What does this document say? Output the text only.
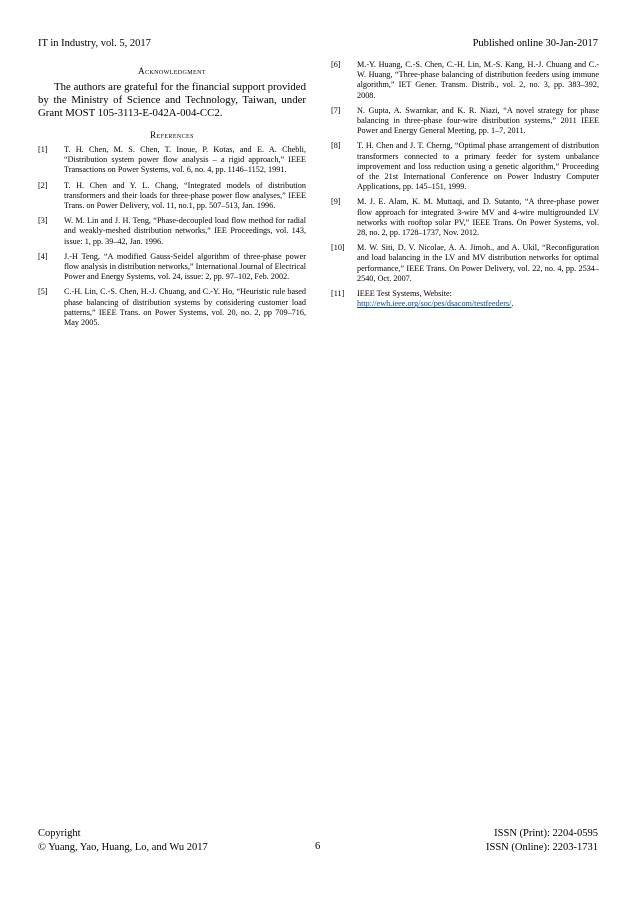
IT in Industry, vol. 5, 2017	Published online 30-Jan-2017
Acknowledgment

The authors are grateful for the financial support provided by the Ministry of Science and Technology, Taiwan, under Grant MOST 105-3113-E-042A-004-CC2.

References
[1] T. H. Chen, M. S. Chen, T. Inoue, P. Kotas, and E. A. Chebli, “Distribution system power flow analysis – a rigid approach,” IEEE Transactions on Power Systems, vol. 6, no. 4, pp. 1146–1152, 1991.
[2] T. H. Chen and Y. L. Chang, “Integrated models of distribution transformers and their loads for three-phase power flow analyses,” IEEE Trans. on Power Delivery, vol. 11, no.1, pp. 507–513, Jan. 1996.
[3] W. M. Lin and J. H. Teng, “Phase-decoupled load flow method for radial and weakly-meshed distribution networks,” IEE Proceedings, vol. 143, issue: 1, pp. 39–42, Jan. 1996.
[4] J.-H Teng, “A modified Gauss-Seidel algorithm of three-phase power flow analysis in distribution networks,” International Journal of Electrical Power and Energy Systems, vol. 24, issue: 2, pp. 97–102, Feb. 2002.
[5] C.-H. Lin, C.-S. Chen, H.-J. Chuang, and C.-Y. Ho, “Heuristic rule based phase balancing of distribution systems by considering customer load patterns,” IEEE Trans. on Power Systems, vol. 20, no. 2, pp 709–716, May 2005.
[6] M.-Y. Huang, C.-S. Chen, C.-H. Lin, M.-S. Kang, H.-J. Chuang and C.-W. Huang, “Three-phase balancing of distribution feeders using immune algorithm,” IET Gener. Transm. Distrib., vol. 2, no. 3, pp. 383–392, 2008.
[7] N. Gupta, A. Swarnkar, and K. R. Niazi, “A novel strategy for phase balancing in three-phase four-wire distribution systems,” 2011 IEEE Power and Energy General Meeting, pp. 1–7, 2011.
[8] T. H. Chen and J. T. Cherng, “Optimal phase arrangement of distribution transformers connected to a primary feeder for system unbalance improvement and loss reduction using a genetic algorithm,” Proceeding of the 21st International Conference on Power Industry Computer Applications, pp. 145–151, 1999.
[9] M. J. E. Alam, K. M. Muttaqi, and D. Sutanto, “A three-phase power flow approach for integrated 3-wire MV and 4-wire multigrounded LV networks with rooftop solar PV,” IEEE Trans. On Power Systems, vol. 28, no. 2, pp. 1728–1737, Nov. 2012.
[10] M. W. Siti, D. V. Nicolae, A. A. Jimoh., and A. Ukil, “Reconfiguration and load balancing in the LV and MV distribution networks for optimal performance,” IEEE Trans. On Power Delivery, vol. 22, no. 4, pp. 2534–2540, Oct. 2007.
[11] IEEE Test Systems, Website:
http://ewh.ieee.org/soc/pes/dsacom/testfeeders/.
Copyright
© Yuang, Yao, Huang, Lo, and Wu 2017	6
ISSN (Print): 2204-0595
ISSN (Online): 2203-1731
